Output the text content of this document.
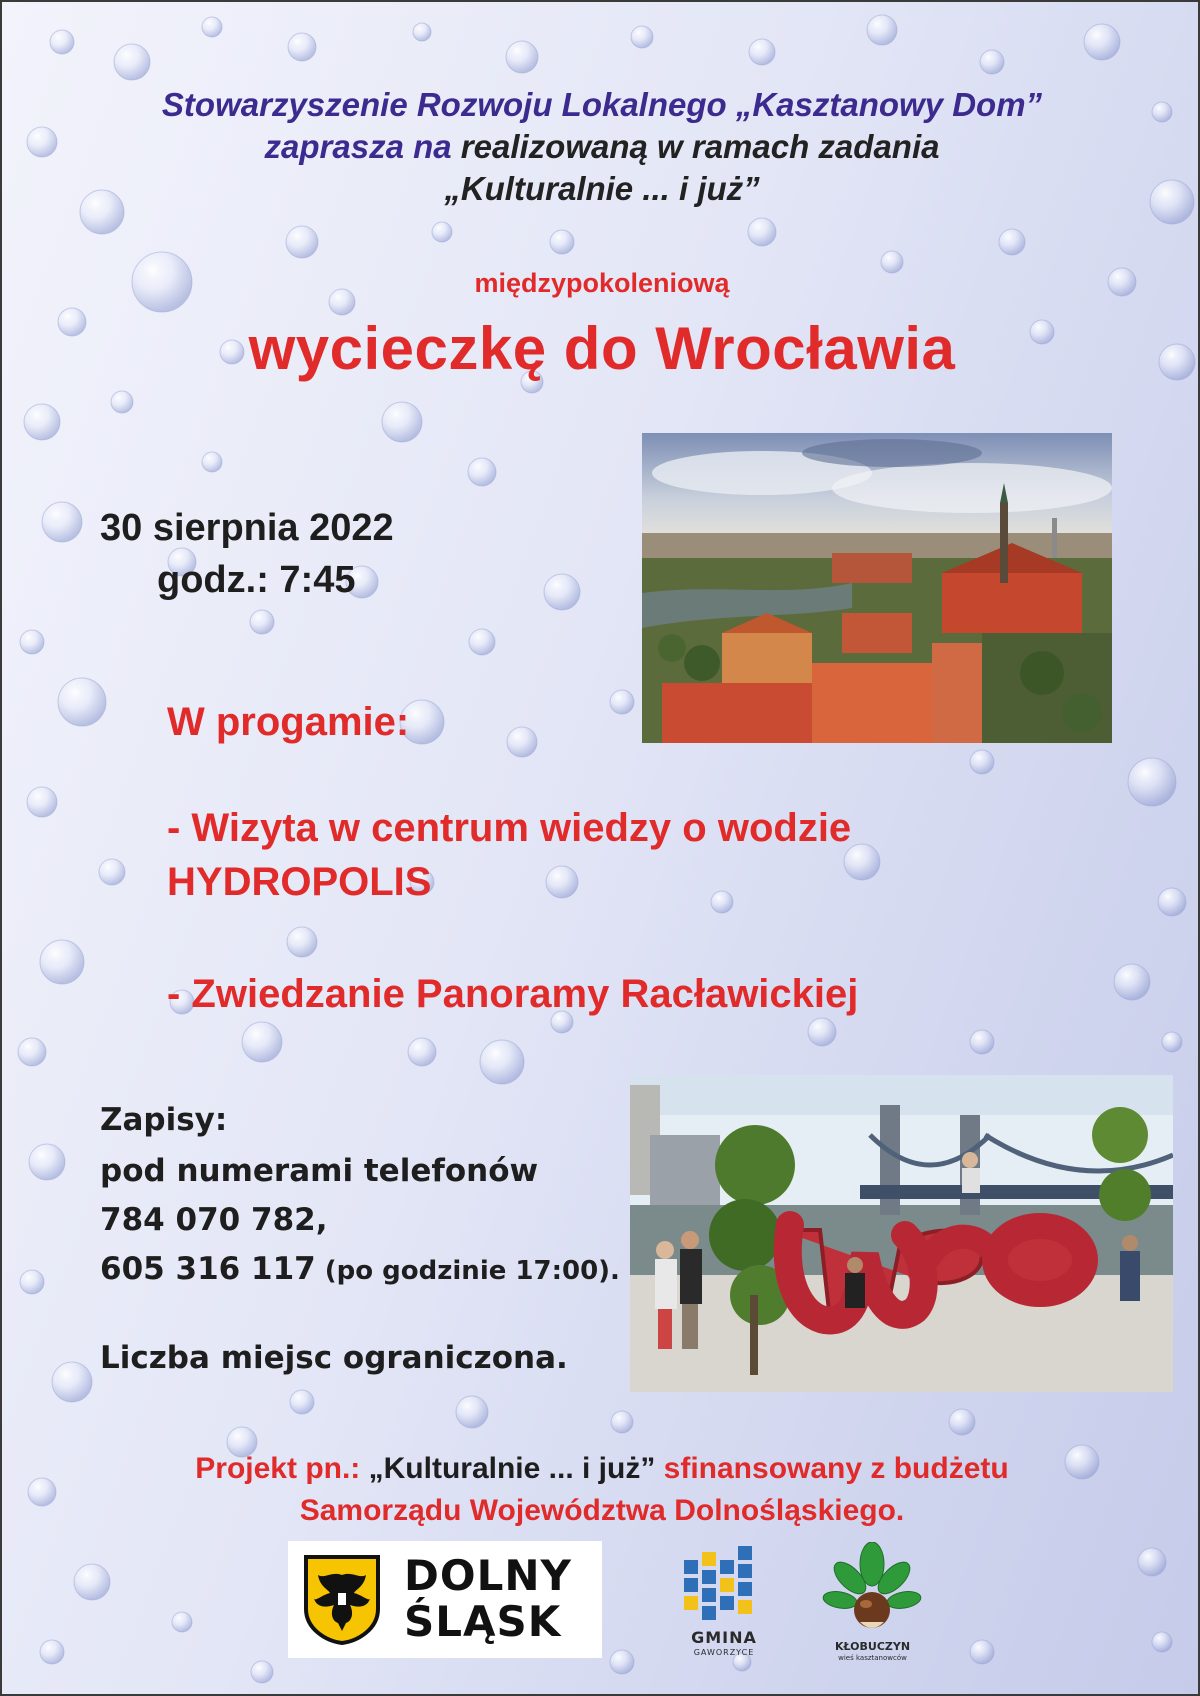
Stowarzyszenie Rozwoju Lokalnego „Kasztanowy Dom”
zaprasza na realizowaną w ramach zadania
„Kulturalnie ... i już”
międzypokoleniową
wycieczkę do Wrocławia
30 sierpnia 2022
godz.: 7:45
W progamie:
- Wizyta w centrum wiedzy o wodzie
HYDROPOLIS
- Zwiedzanie Panoramy Racławickiej
Zapisy:
pod numerami telefonów
784 070 782,
605 316 117 (po godzinie 17:00).
Liczba miejsc ograniczona.
Projekt pn.: „Kulturalnie ... i już” sfinansowany z budżetu
Samorządu Województwa Dolnośląskiego.
DOLNY
ŚLĄSK	GMINA
GAWORZYCE	KŁOBUCZYN
wieś kasztanowców
